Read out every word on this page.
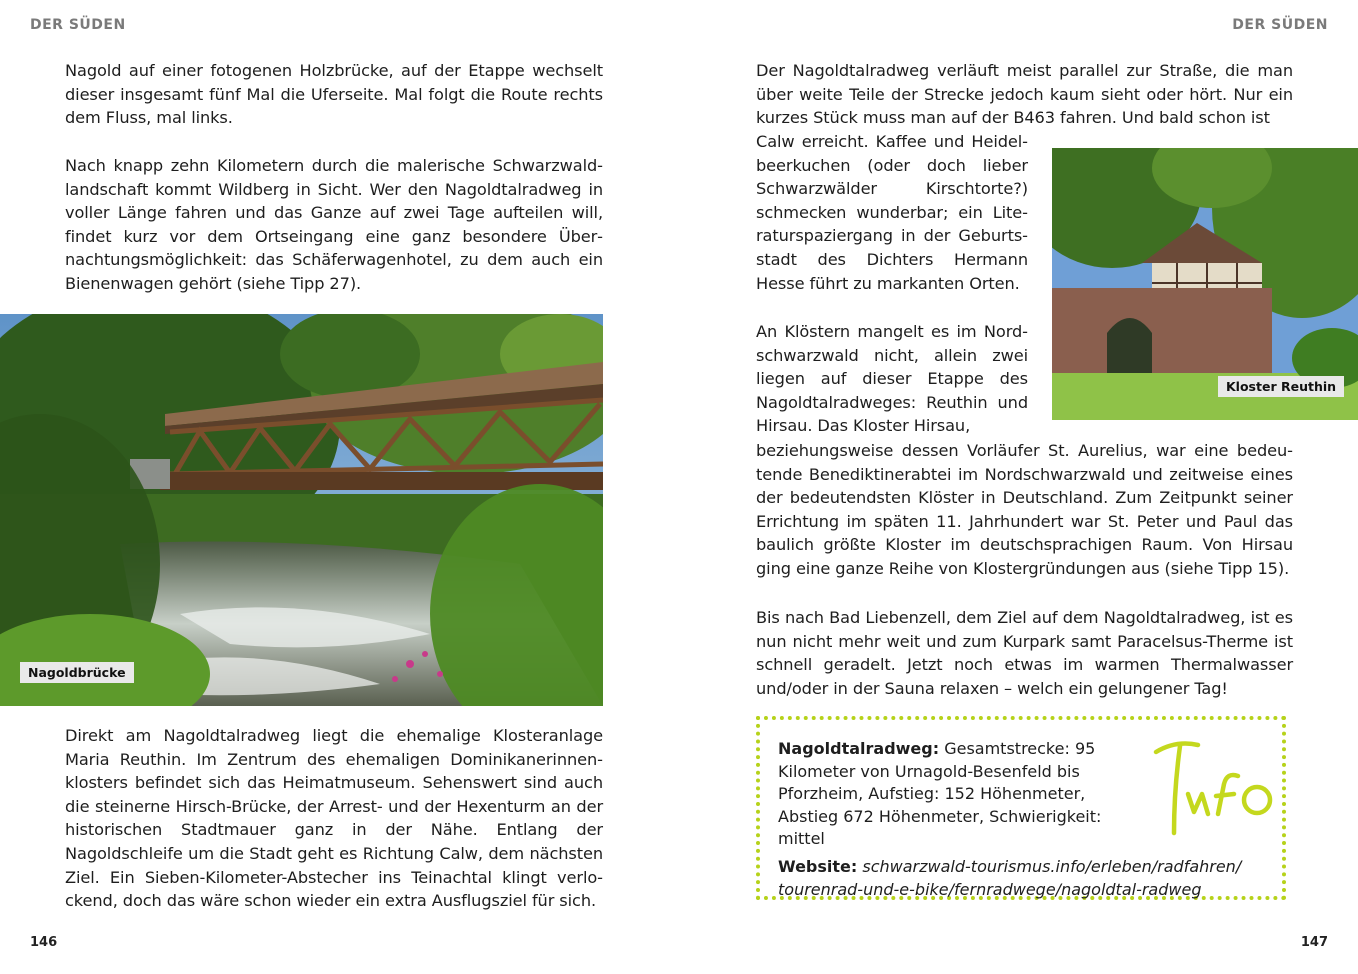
DER SÜDEN

Nagold auf einer fotogenen Holzbrücke, auf der Etappe wechselt dieser insgesamt fünf Mal die Uferseite. Mal folgt die Route rechts dem Fluss, mal links.

Nach knapp zehn Kilometern durch die malerische Schwarzwaldlandschaft kommt Wildberg in Sicht. Wer den Nagoldtalradweg in voller Länge fahren und das Ganze auf zwei Tage aufteilen will, findet kurz vor dem Ortseingang eine ganz besondere Übernachtungsmöglichkeit: das Schäferwagenhotel, zu dem auch ein Bienenwagen gehört (siehe Tipp 27).

Nagoldbrücke

Direkt am Nagoldtalradweg liegt die ehemalige Klosteranlage Maria Reuthin. Im Zentrum des ehemaligen Dominikanerinnenklosters befindet sich das Heimatmuseum. Sehenswert sind auch die steinerne Hirsch-Brücke, der Arrest- und der Hexenturm an der historischen Stadtmauer ganz in der Nähe. Entlang der Nagoldschleife um die Stadt geht es Richtung Calw, dem nächsten Ziel. Ein Sieben-Kilometer-Abstecher ins Teinachtal klingt verlockend, doch das wäre schon wieder ein extra Ausflugsziel für sich.

146
DER SÜDEN

Der Nagoldtalradweg verläuft meist parallel zur Straße, die man über weite Teile der Strecke jedoch kaum sieht oder hört. Nur ein kurzes Stück muss man auf der B463 fahren. Und bald schon ist

Calw erreicht. Kaffee und Heidelbeerkuchen (oder doch lieber Schwarzwälder Kirschtorte?) schmecken wunderbar; ein Literaturspaziergang in der Geburtsstadt des Dichters Hermann Hesse führt zu markanten Orten.

An Klöstern mangelt es im Nordschwarzwald nicht, allein zwei liegen auf dieser Etappe des Nagoldtalradweges: Reuthin und Hirsau. Das Kloster Hirsau,

beziehungsweise dessen Vorläufer St. Aurelius, war eine bedeutende Benediktinerabtei im Nordschwarzwald und zeitweise eines der bedeutendsten Klöster in Deutschland. Zum Zeitpunkt seiner Errichtung im späten 11. Jahrhundert war St. Peter und Paul das baulich größte Kloster im deutschsprachigen Raum. Von Hirsau ging eine ganze Reihe von Klostergründungen aus (siehe Tipp 15).

Kloster Reuthin

Bis nach Bad Liebenzell, dem Ziel auf dem Nagoldtalradweg, ist es nun nicht mehr weit und zum Kurpark samt Paracelsus-Therme ist schnell geradelt. Jetzt noch etwas im warmen Thermalwasser und/oder in der Sauna relaxen – welch ein gelungener Tag!

Nagoldtalradweg: Gesamtstrecke: 95 Kilometer von Urnagold-Besenfeld bis Pforzheim, Aufstieg: 152 Höhenmeter, Abstieg 672 Höhenmeter, Schwierigkeit: mittel

Website: schwarzwald-tourismus.info/erleben/radfahren/ tourenrad-und-e-bike/fernradwege/nagoldtal-radweg

147
